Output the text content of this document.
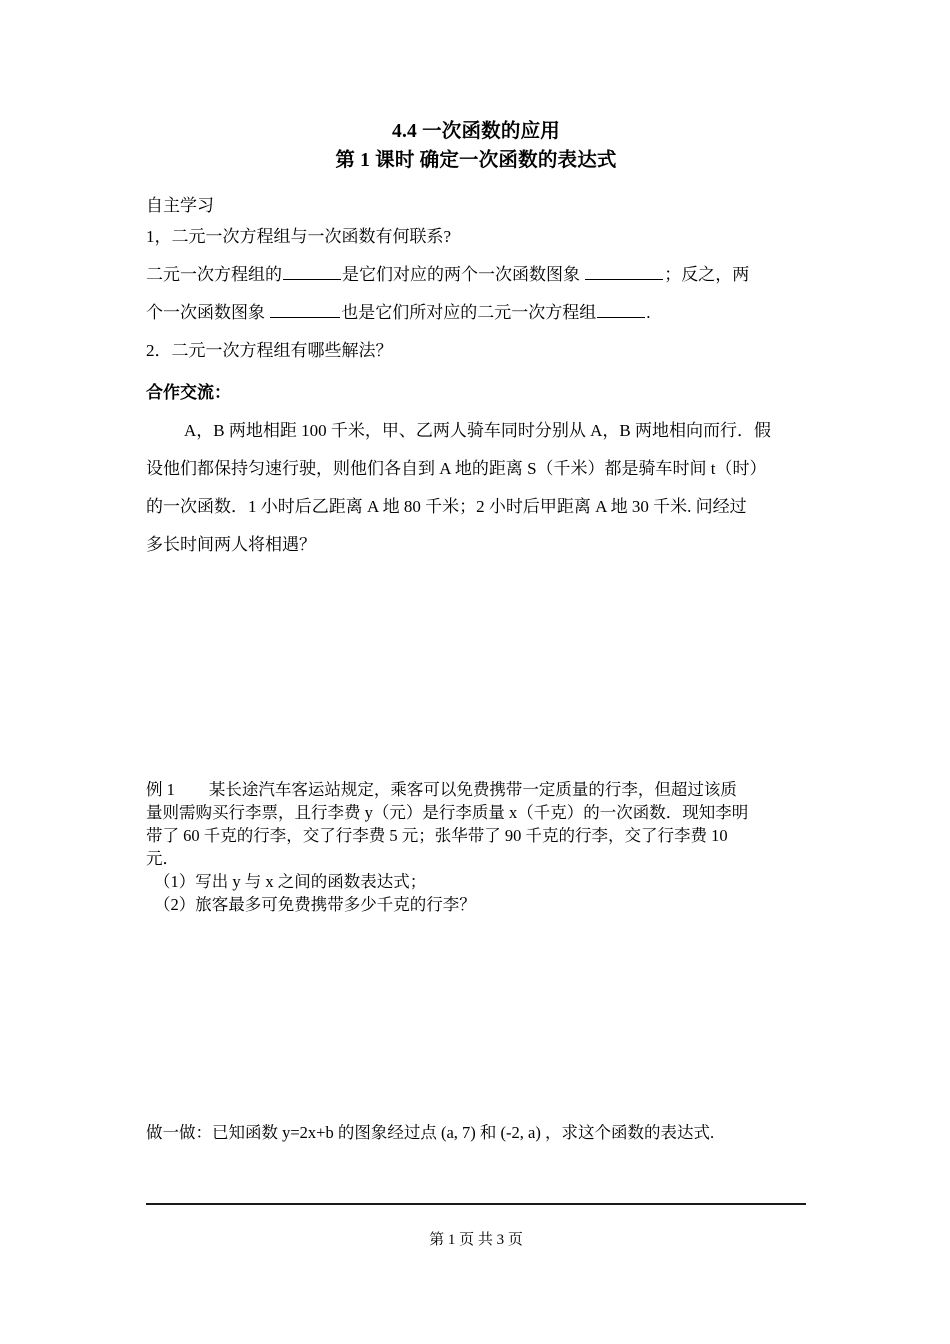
4.4 一次函数的应用
第 1 课时 确定一次函数的表达式
自主学习
1，二元一次方程组与一次函数有何联系?
二元一次方程组的	是它们对应的两个一次函数图象	；反之，两
个一次函数图象	也是它们所对应的二元一次方程组	.
2．二元一次方程组有哪些解法？
合作交流：
A，B 两地相距 100 千米，甲、乙两人骑车同时分别从 A，B 两地相向而行．假
设他们都保持匀速行驶，则他们各自到 A 地的距离 S（千米）都是骑车时间 t（时）
的一次函数．1 小时后乙距离 A 地 80 千米；2 小时后甲距离 A 地 30 千米. 问经过
多长时间两人将相遇？
例 1 某长途汽车客运站规定，乘客可以免费携带一定质量的行李，但超过该质
量则需购买行李票，且行李费 y（元）是行李质量 x（千克）的一次函数．现知李明
带了 60 千克的行李，交了行李费 5 元；张华带了 90 千克的行李，交了行李费 10
元．
（1）写出 y 与 x 之间的函数表达式；
（2）旅客最多可免费携带多少千克的行李？
做一做：已知函数 y=2x+b 的图象经过点 (a, 7) 和 (-2, a) ，求这个函数的表达式.
第 1 页 共 3 页
